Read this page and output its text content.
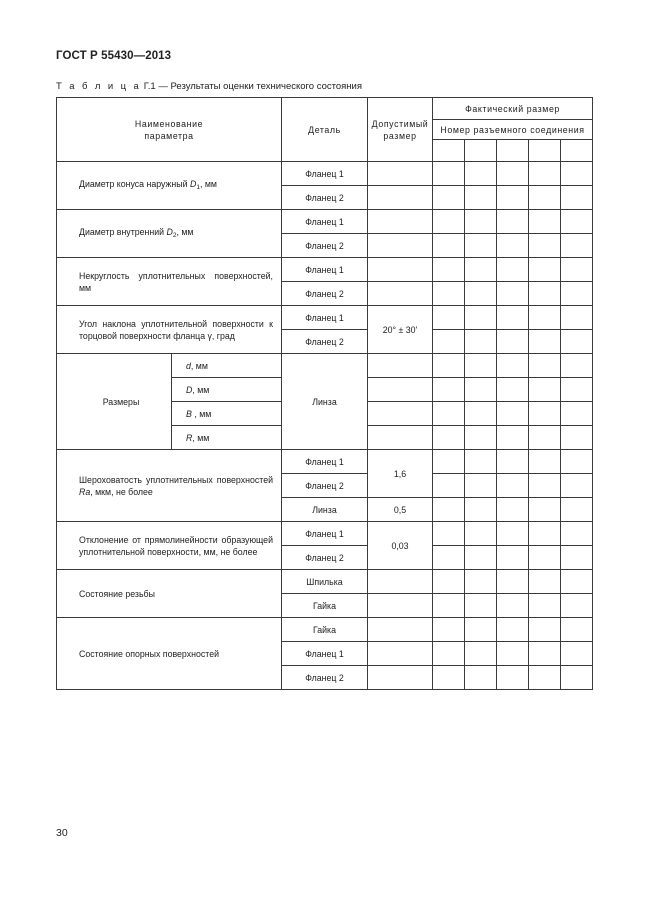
ГОСТ Р 55430—2013
Т а б л и ц а Г.1 — Результаты оценки технического состояния
Наименование параметра		Деталь	Допустимый размер	Фактический размер				
				Номер разъемного соединения				

Диаметр конуса наружный $D_1$, мм		Фланец 1						
		Фланец 2						
Диаметр внутренний $D_2$, мм		Фланец 1						
		Фланец 2						
Некруглость уплотнительных поверхностей, мм		Фланец 1						
		Фланец 2						
Угол наклона уплотнительной поверхности к торцовой поверхности фланца γ, град		Фланец 1	20° ± 30ʹ					
		Фланец 2						
Размеры	d, мм	Линза						
	D, мм							
	B , мм							
	R, мм							
Шероховатость уплотнительных поверхностей Ra, мкм, не более		Фланец 1	1,6					
		Фланец 2						
		Линза	0,5					
Отклонение от прямолинейности образующей уплотнительной поверхности, мм, не более		Фланец 1	0,03					
		Фланец 2						
Состояние резьбы		Шпилька						
		Гайка						
Состояние опорных поверхностей		Гайка						
		Фланец 1						
		Фланец 2						
30
